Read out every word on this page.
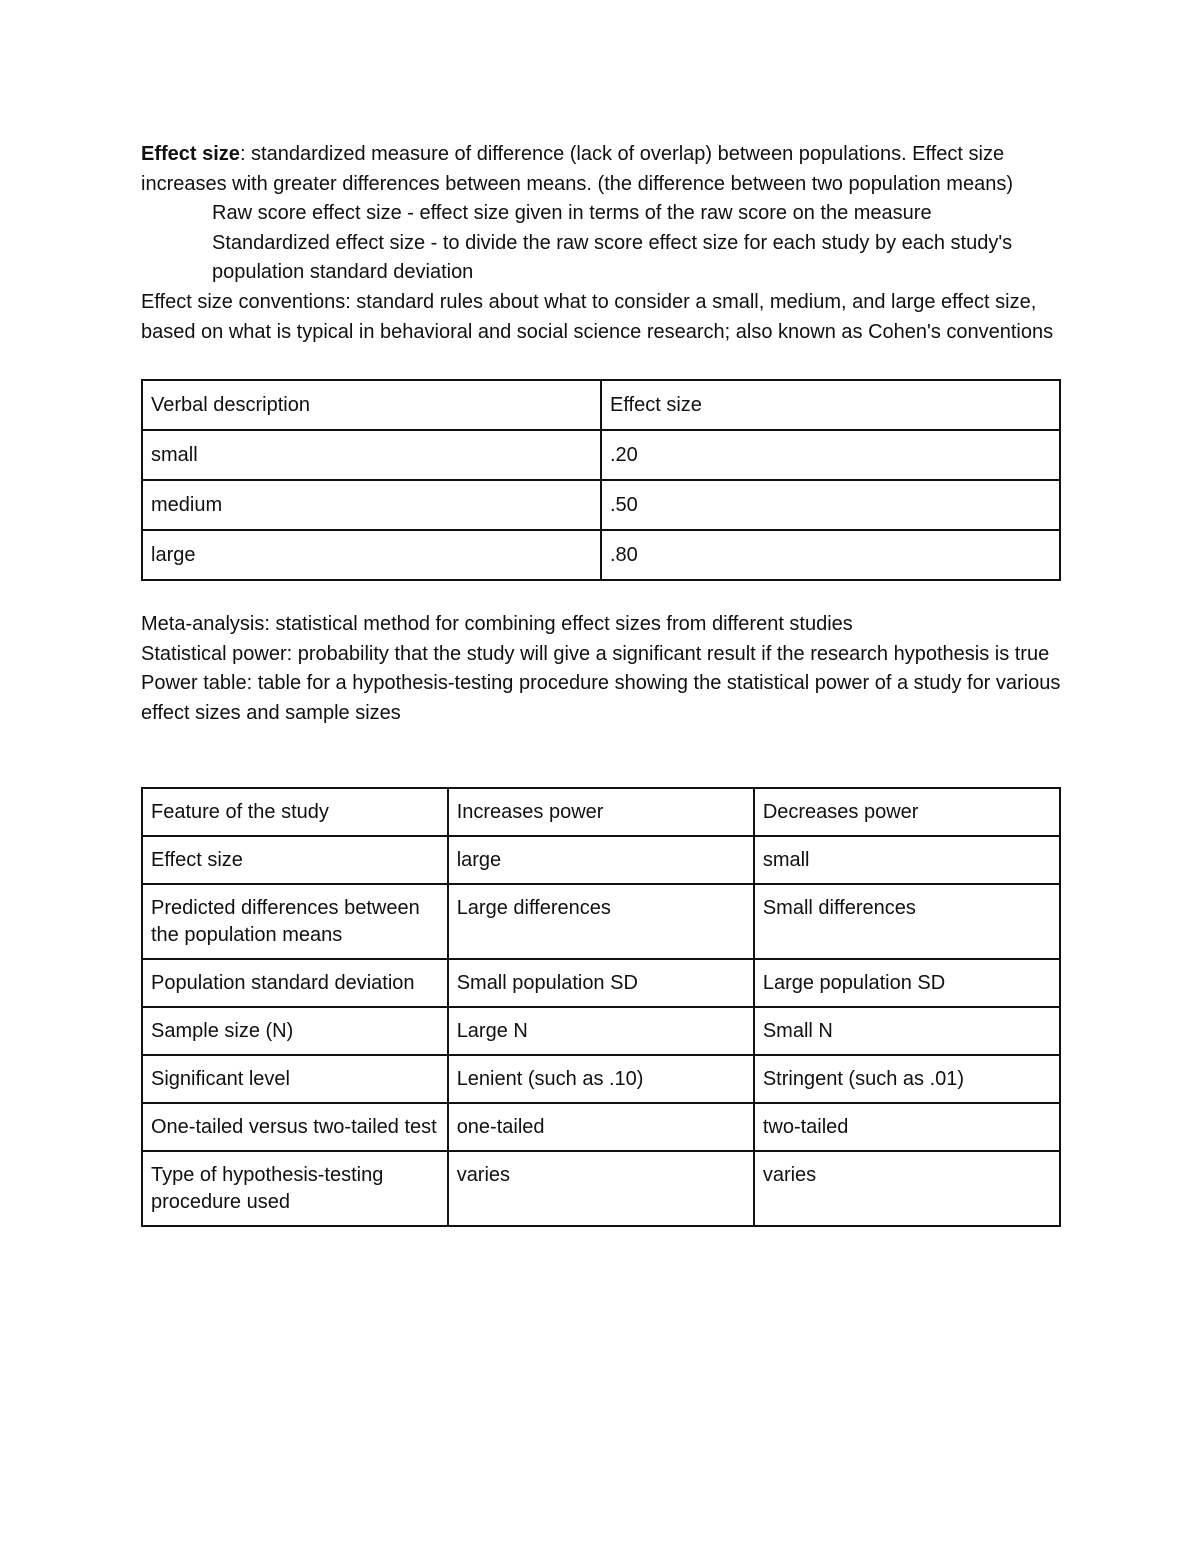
Effect size: standardized measure of difference (lack of overlap) between populations. Effect size increases with greater differences between means. (the difference between two population means)

Raw score effect size - effect size given in terms of the raw score on the measure

Standardized effect size - to divide the raw score effect size for each study by each study's population standard deviation

Effect size conventions: standard rules about what to consider a small, medium, and large effect size, based on what is typical in behavioral and social science research; also known as Cohen's conventions

Verbal description	Effect size
small	.20
medium	.50
large	.80

Meta-analysis: statistical method for combining effect sizes from different studies

Statistical power: probability that the study will give a significant result if the research hypothesis is true

Power table: table for a hypothesis-testing procedure showing the statistical power of a study for various effect sizes and sample sizes

Feature of the study	Increases power	Decreases power
Effect size	large	small
Predicted differences between the population means	Large differences	Small differences
Population standard deviation	Small population SD	Large population SD
Sample size (N)	Large N	Small N
Significant level	Lenient (such as .10)	Stringent (such as .01)
One-tailed versus two-tailed test	one-tailed	two-tailed
Type of hypothesis-testing procedure used	varies	varies
